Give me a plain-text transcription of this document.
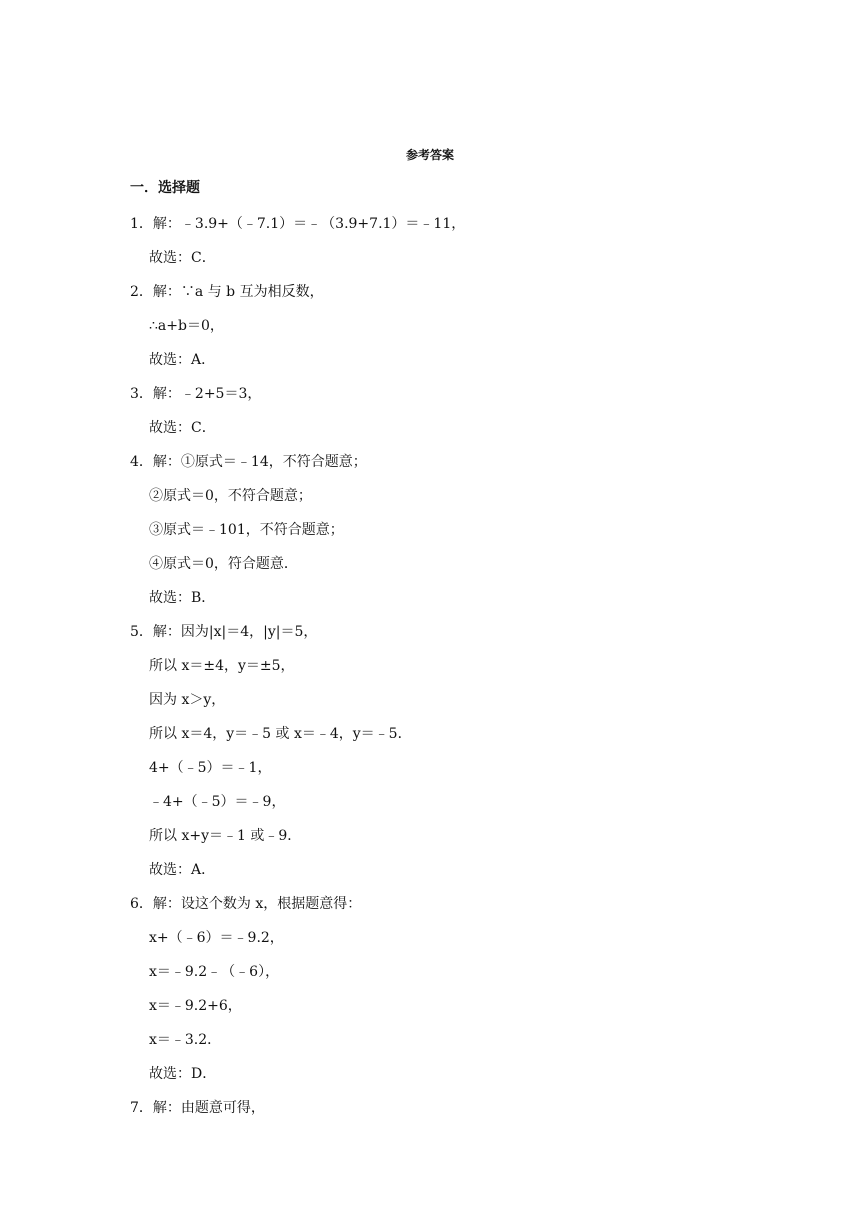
参考答案
一．选择题
1．解：﹣3.9+（﹣7.1）＝﹣（3.9+7.1）＝﹣11，
故选：C．
2．解：∵a 与 b 互为相反数，
∴a+b＝0，
故选：A．
3．解：﹣2+5＝3，
故选：C．
4．解：①原式＝﹣14，不符合题意；
②原式＝0，不符合题意；
③原式＝﹣101，不符合题意；
④原式＝0，符合题意．
故选：B．
5．解：因为|x|＝4，|y|＝5，
所以 x＝±4，y＝±5，
因为 x＞y，
所以 x＝4，y＝﹣5 或 x＝﹣4，y＝﹣5．
4+（﹣5）＝﹣1，
﹣4+（﹣5）＝﹣9，
所以 x+y＝﹣1 或﹣9．
故选：A．
6．解：设这个数为 x，根据题意得：
x+（﹣6）＝﹣9.2，
x＝﹣9.2﹣（﹣6），
x＝﹣9.2+6，
x＝﹣3.2．
故选：D．
7．解：由题意可得，
